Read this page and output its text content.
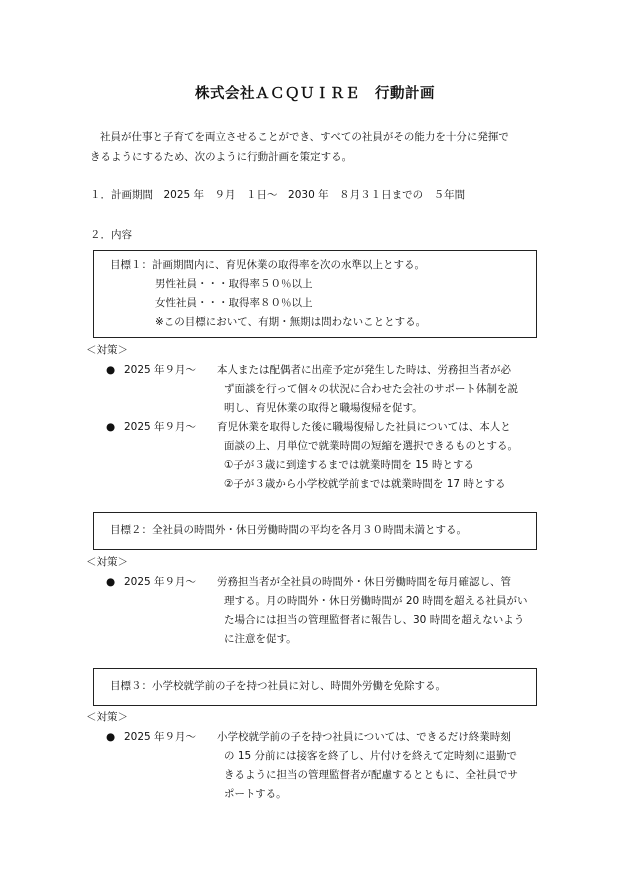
株式会社ＡＣＱＵＩＲＥ　行動計画
社員が仕事と子育てを両立させることができ、すべての社員がその能力を十分に発揮で
きるようにするため、次のように行動計画を策定する。
１．計画期間　2025 年　９月　１日～　2030 年　８月３１日までの　５年間
２．内容
目標１：計画期間内に、育児休業の取得率を次の水準以上とする。
男性社員・・・取得率５０％以上
女性社員・・・取得率８０％以上
※この目標において、有期・無期は問わないこととする。
＜対策＞
● 2025 年９月～ 本人または配偶者に出産予定が発生した時は、労務担当者が必
ず面談を行って個々の状況に合わせた会社のサポート体制を説
明し、育児休業の取得と職場復帰を促す。
● 2025 年９月～ 育児休業を取得した後に職場復帰した社員については、本人と
面談の上、月単位で就業時間の短縮を選択できるものとする。
①子が３歳に到達するまでは就業時間を 15 時とする
②子が３歳から小学校就学前までは就業時間を 17 時とする
目標２：全社員の時間外・休日労働時間の平均を各月３０時間未満とする。
＜対策＞
● 2025 年９月～ 労務担当者が全社員の時間外・休日労働時間を毎月確認し、管
理する。月の時間外・休日労働時間が 20 時間を超える社員がい
た場合には担当の管理監督者に報告し、30 時間を超えないよう
に注意を促す。
目標３：小学校就学前の子を持つ社員に対し、時間外労働を免除する。
＜対策＞
● 2025 年９月～ 小学校就学前の子を持つ社員については、できるだけ終業時刻
の 15 分前には接客を終了し、片付けを終えて定時刻に退勤で
きるように担当の管理監督者が配慮するとともに、全社員でサ
ポートする。
